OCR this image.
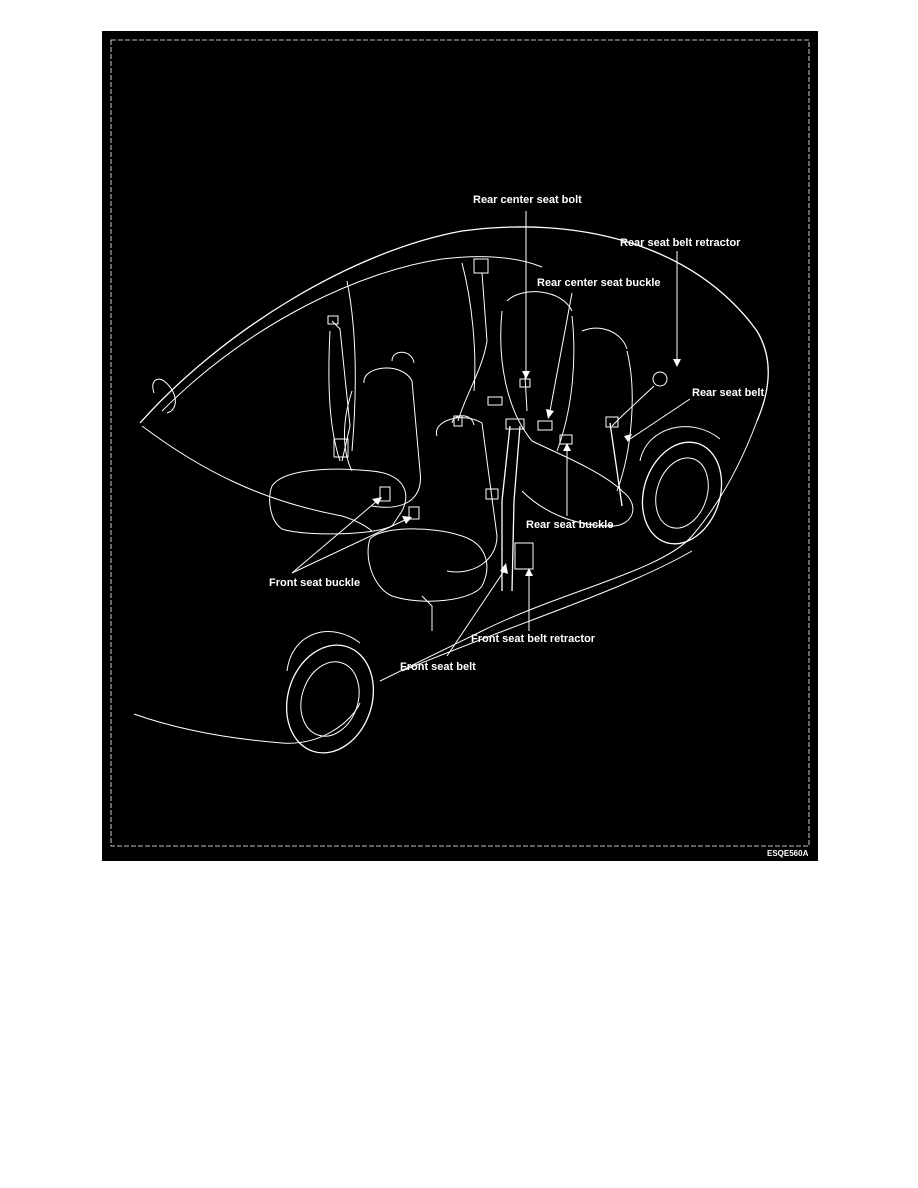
Rear center seat bolt
Rear seat belt retractor
Rear center seat buckle
Rear seat belt
Rear seat buckle
Front seat buckle
Front seat belt retractor
Front seat belt
ESQE560A
